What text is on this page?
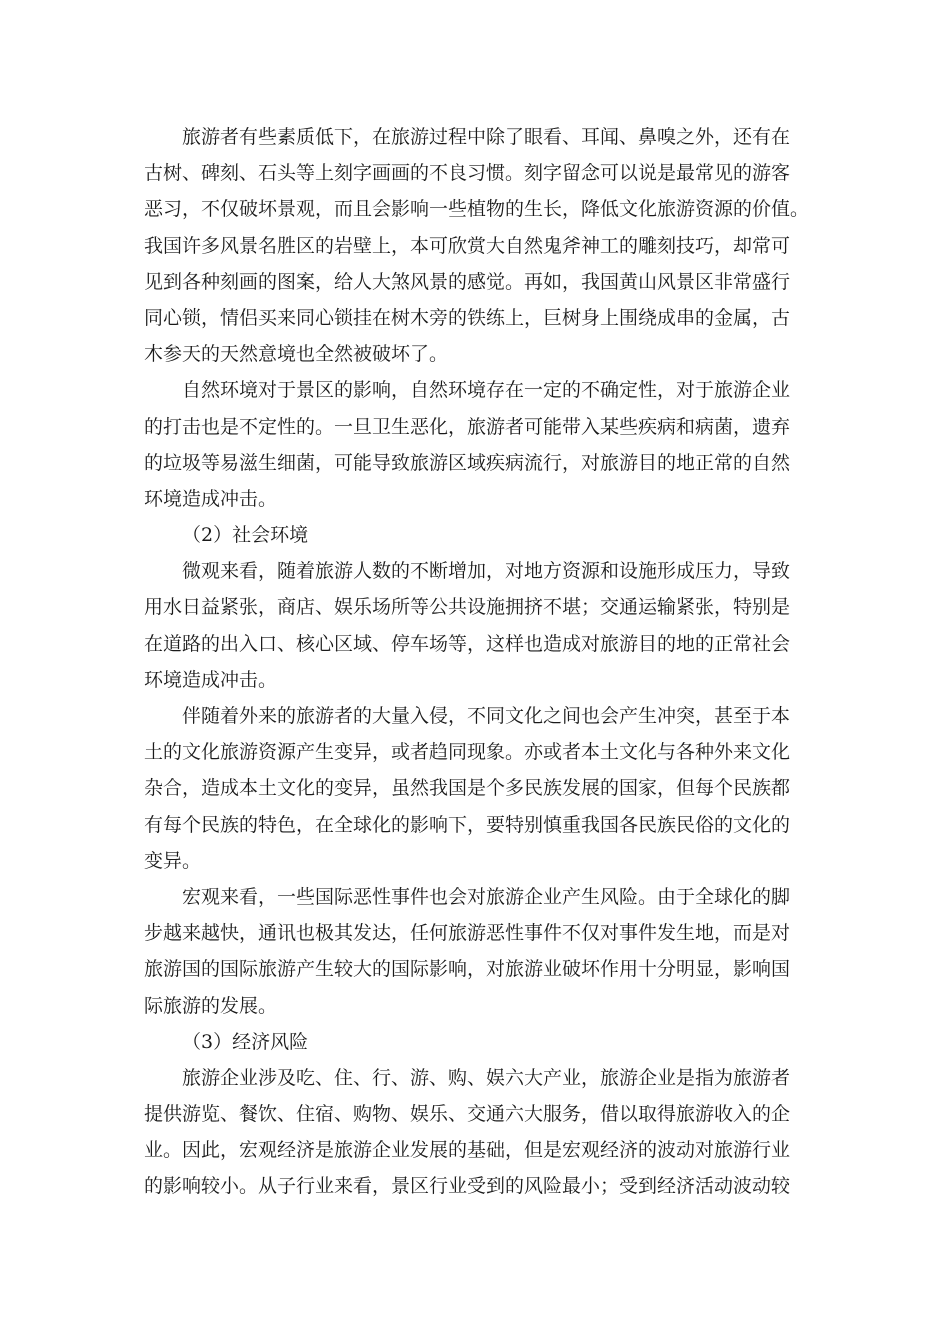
旅游者有些素质低下，在旅游过程中除了眼看、耳闻、鼻嗅之外，还有在
古树、碑刻、石头等上刻字画画的不良习惯。刻字留念可以说是最常见的游客
恶习，不仅破坏景观，而且会影响一些植物的生长，降低文化旅游资源的价值。
我国许多风景名胜区的岩壁上，本可欣赏大自然鬼斧神工的雕刻技巧，却常可
见到各种刻画的图案，给人大煞风景的感觉。再如，我国黄山风景区非常盛行
同心锁，情侣买来同心锁挂在树木旁的铁练上，巨树身上围绕成串的金属，古
木参天的天然意境也全然被破坏了。
自然环境对于景区的影响，自然环境存在一定的不确定性，对于旅游企业
的打击也是不定性的。一旦卫生恶化，旅游者可能带入某些疾病和病菌，遗弃
的垃圾等易滋生细菌，可能导致旅游区域疾病流行，对旅游目的地正常的自然
环境造成冲击。
（2）社会环境
微观来看，随着旅游人数的不断增加，对地方资源和设施形成压力，导致
用水日益紧张，商店、娱乐场所等公共设施拥挤不堪；交通运输紧张，特别是
在道路的出入口、核心区域、停车场等，这样也造成对旅游目的地的正常社会
环境造成冲击。
伴随着外来的旅游者的大量入侵，不同文化之间也会产生冲突，甚至于本
土的文化旅游资源产生变异，或者趋同现象。亦或者本土文化与各种外来文化
杂合，造成本土文化的变异，虽然我国是个多民族发展的国家，但每个民族都
有每个民族的特色，在全球化的影响下，要特别慎重我国各民族民俗的文化的
变异。
宏观来看，一些国际恶性事件也会对旅游企业产生风险。由于全球化的脚
步越来越快，通讯也极其发达，任何旅游恶性事件不仅对事件发生地，而是对
旅游国的国际旅游产生较大的国际影响，对旅游业破坏作用十分明显，影响国
际旅游的发展。
（3）经济风险
旅游企业涉及吃、住、行、游、购、娱六大产业，旅游企业是指为旅游者
提供游览、餐饮、住宿、购物、娱乐、交通六大服务，借以取得旅游收入的企
业。因此，宏观经济是旅游企业发展的基础，但是宏观经济的波动对旅游行业
的影响较小。从子行业来看，景区行业受到的风险最小；受到经济活动波动较
